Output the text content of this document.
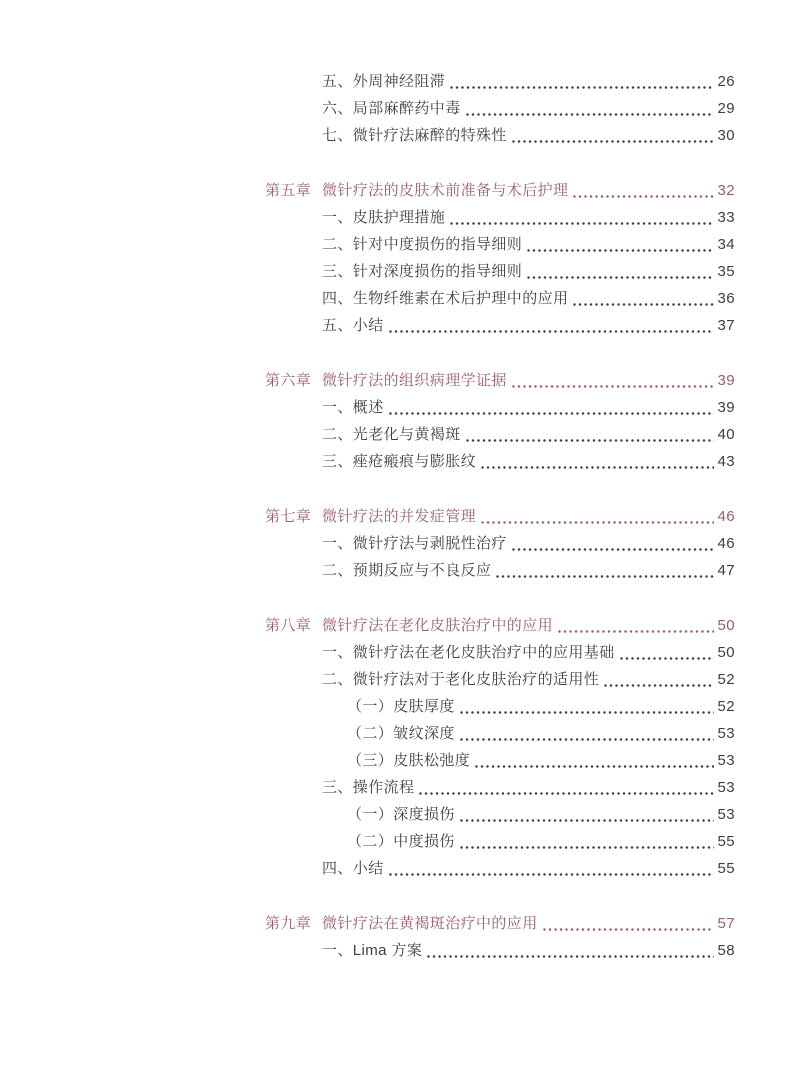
五、外周神经阻滞	26
六、局部麻醉药中毒	29
七、微针疗法麻醉的特殊性	30
第五章 微针疗法的皮肤术前准备与术后护理	32
一、皮肤护理措施	33
二、针对中度损伤的指导细则	34
三、针对深度损伤的指导细则	35
四、生物纤维素在术后护理中的应用	36
五、小结	37
第六章 微针疗法的组织病理学证据	39
一、概述	39
二、光老化与黄褐斑	40
三、痤疮瘢痕与膨胀纹	43
第七章 微针疗法的并发症管理	46
一、微针疗法与剥脱性治疗	46
二、预期反应与不良反应	47
第八章 微针疗法在老化皮肤治疗中的应用	50
一、微针疗法在老化皮肤治疗中的应用基础	50
二、微针疗法对于老化皮肤治疗的适用性	52
（一）皮肤厚度	52
（二）皱纹深度	53
（三）皮肤松弛度	53
三、操作流程	53
（一）深度损伤	53
（二）中度损伤	55
四、小结	55
第九章 微针疗法在黄褐斑治疗中的应用	57
一、Lima 方案	58
